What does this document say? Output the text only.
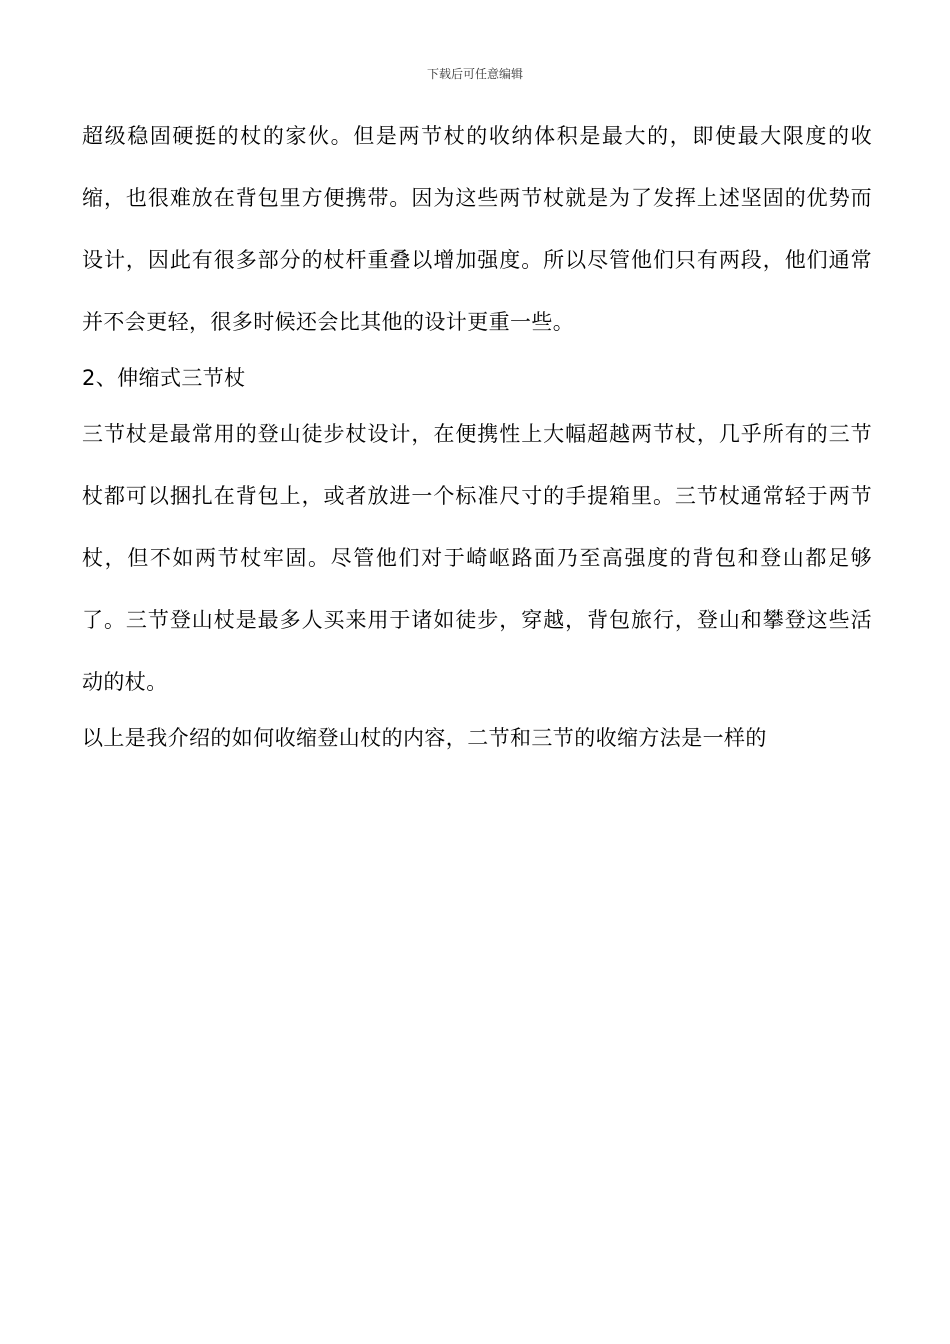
下载后可任意编辑

超级稳固硬挺的杖的家伙。但是两节杖的收纳体积是最大的，即使最大限度的收缩，也很难放在背包里方便携带。因为这些两节杖就是为了发挥上述坚固的优势而设计，因此有很多部分的杖杆重叠以增加强度。所以尽管他们只有两段，他们通常并不会更轻，很多时候还会比其他的设计更重一些。

2、伸缩式三节杖

三节杖是最常用的登山徒步杖设计，在便携性上大幅超越两节杖，几乎所有的三节杖都可以捆扎在背包上，或者放进一个标准尺寸的手提箱里。三节杖通常轻于两节杖，但不如两节杖牢固。尽管他们对于崎岖路面乃至高强度的背包和登山都足够了。三节登山杖是最多人买来用于诸如徒步，穿越，背包旅行，登山和攀登这些活动的杖。

以上是我介绍的如何收缩登山杖的内容，二节和三节的收缩方法是一样的
